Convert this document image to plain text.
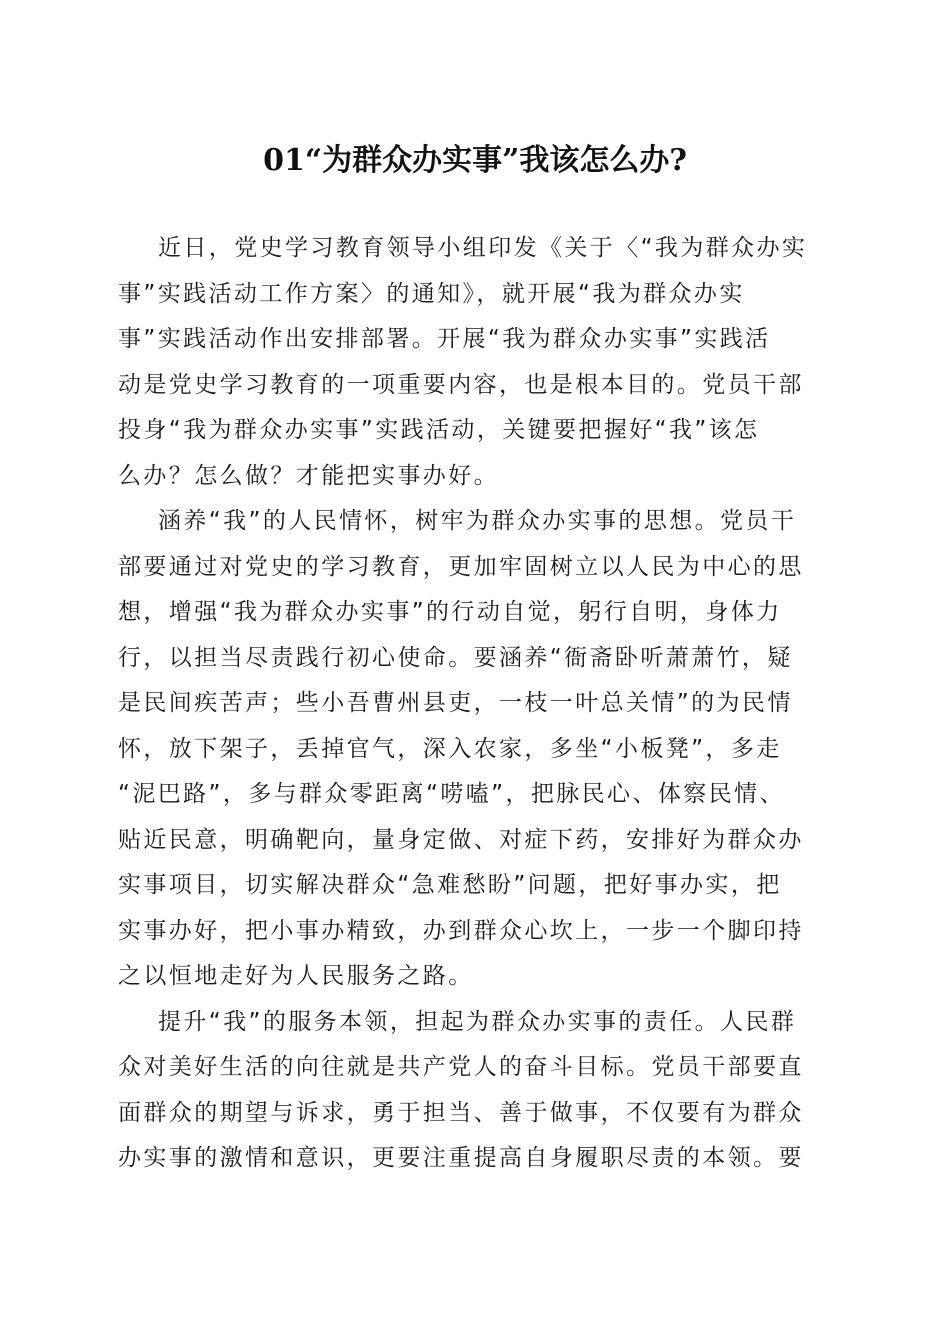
01“为群众办实事”我该怎么办?
近日，党史学习教育领导小组印发《关于〈“我为群众办实
事”实践活动工作方案〉的通知》，就开展“我为群众办实
事”实践活动作出安排部署。开展“我为群众办实事”实践活
动是党史学习教育的一项重要内容，也是根本目的。党员干部
投身“我为群众办实事”实践活动，关键要把握好“我”该怎
么办？怎么做？才能把实事办好。
涵养“我”的人民情怀，树牢为群众办实事的思想。党员干
部要通过对党史的学习教育，更加牢固树立以人民为中心的思
想，增强“我为群众办实事”的行动自觉，躬行自明，身体力
行，以担当尽责践行初心使命。要涵养“衙斋卧听萧萧竹，疑
是民间疾苦声；些小吾曹州县吏，一枝一叶总关情”的为民情
怀，放下架子，丢掉官气，深入农家，多坐“小板凳”，多走
“泥巴路”，多与群众零距离“唠嗑”，把脉民心、体察民情、
贴近民意，明确靶向，量身定做、对症下药，安排好为群众办
实事项目，切实解决群众“急难愁盼”问题，把好事办实，把
实事办好，把小事办精致，办到群众心坎上，一步一个脚印持
之以恒地走好为人民服务之路。
提升“我”的服务本领，担起为群众办实事的责任。人民群
众对美好生活的向往就是共产党人的奋斗目标。党员干部要直
面群众的期望与诉求，勇于担当、善于做事，不仅要有为群众
办实事的激情和意识，更要注重提高自身履职尽责的本领。要
